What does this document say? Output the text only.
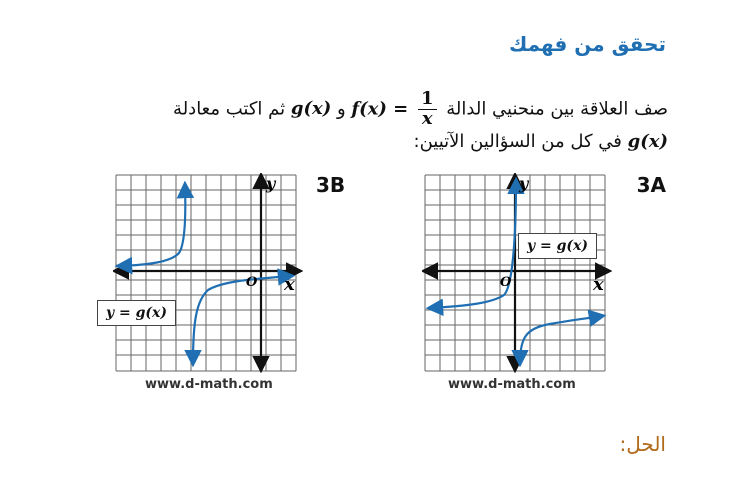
تحقق من فهمك
صف العلاقة بين منحنيي الدالة $f(x) = \frac{1}{x}$
و g(x) ثم اكتب معادلة
g(x) في كل من السؤالين الآتيين:
3A
y
x
O
y = g(x)
www.d-math.com
3B
y
x
O
y = g(x)
www.d-math.com
الحل:
